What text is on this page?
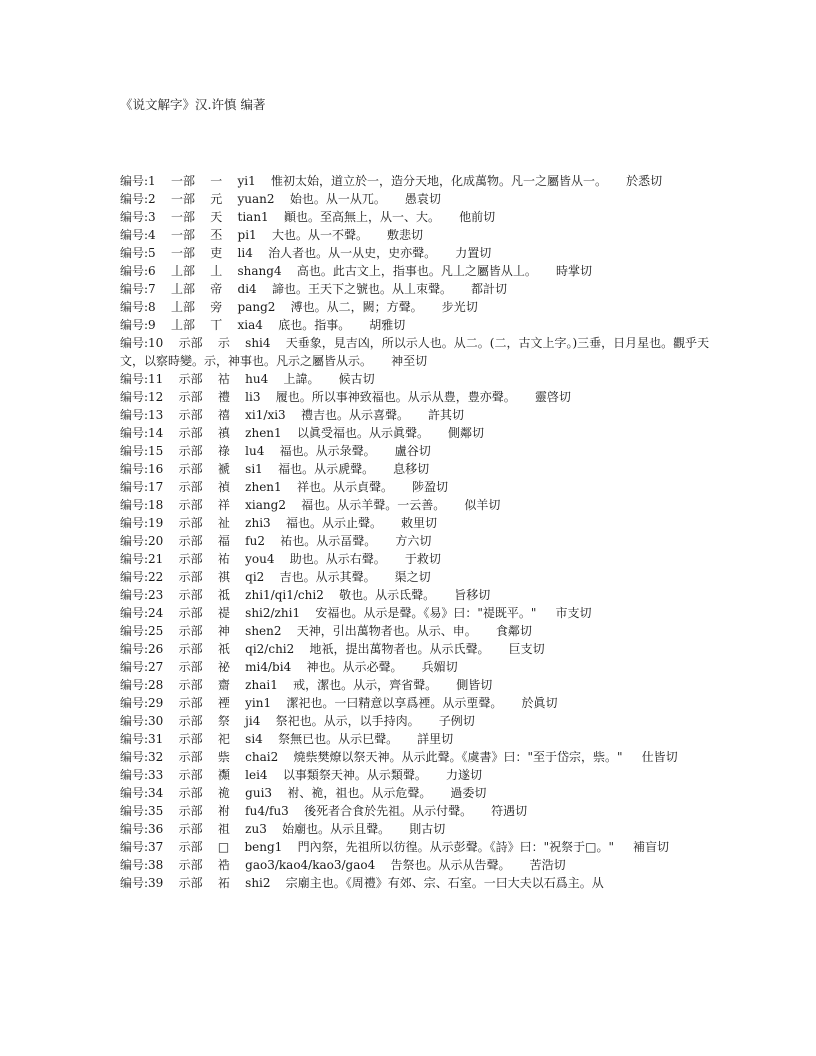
《说文解字》汉.许慎 编著
编号:1 一部 一 yi1 惟初太始，道立於一，造分天地，化成萬物。凡一之屬皆从一。 於悉切
编号:2 一部 元 yuan2 始也。从一从兀。 愚袁切
编号:3 一部 天 tian1 顚也。至高無上，从一、大。 他前切
编号:4 一部 丕 pi1 大也。从一不聲。 敷悲切
编号:5 一部 吏 li4 治人者也。从一从史，史亦聲。 力置切
编号:6 丄部 丄 shang4 高也。此古文上，指事也。凡丄之屬皆从丄。 時掌切
编号:7 丄部 帝 di4 諦也。王天下之號也。从丄朿聲。 都計切
编号:8 丄部 旁 pang2 溥也。从二，闕；方聲。 步光切
编号:9 丄部 丅 xia4 底也。指事。 胡雅切
编号:10 示部 示 shi4 天垂象，見吉凶，所以示人也。从二。(二，古文上字。)三垂，日月星也。觀乎天文，以察時變。示，神事也。凡示之屬皆从示。 神至切
编号:11 示部 祜 hu4 上諱。 候古切
编号:12 示部 禮 li3 履也。所以事神致福也。从示从豊，豊亦聲。 靈啓切
编号:13 示部 禧 xi1/xi3 禮吉也。从示喜聲。 許其切
编号:14 示部 禛 zhen1 以眞受福也。从示眞聲。 側鄰切
编号:15 示部 祿 lu4 福也。从示彔聲。 盧谷切
编号:16 示部 褫 si1 福也。从示虒聲。 息移切
编号:17 示部 禎 zhen1 祥也。从示貞聲。 陟盈切
编号:18 示部 祥 xiang2 福也。从示羊聲。一云善。 似羊切
编号:19 示部 祉 zhi3 福也。从示止聲。 敕里切
编号:20 示部 福 fu2 祐也。从示畐聲。 方六切
编号:21 示部 祐 you4 助也。从示右聲。 于救切
编号:22 示部 祺 qi2 吉也。从示其聲。 渠之切
编号:23 示部 祗 zhi1/qi1/chi2 敬也。从示氐聲。 旨移切
编号:24 示部 禔 shi2/zhi1 安福也。从示是聲。《易》曰："禔既平。" 市支切
编号:25 示部 神 shen2 天神，引出萬物者也。从示、申。 食鄰切
编号:26 示部 祇 qi2/chi2 地祇，提出萬物者也。从示氏聲。 巨支切
编号:27 示部 祕 mi4/bi4 神也。从示必聲。 兵媚切
编号:28 示部 齋 zhai1 戒，潔也。从示，齊省聲。 側皆切
编号:29 示部 禋 yin1 潔祀也。一曰精意以享爲禋。从示垔聲。 於眞切
编号:30 示部 祭 ji4 祭祀也。从示，以手持肉。 子例切
编号:31 示部 祀 si4 祭無已也。从示巳聲。 詳里切
编号:32 示部 祡 chai2 燒祡樊燎以祭天神。从示此聲。《虞書》曰："至于岱宗，祡。" 仕皆切
编号:33 示部 禷 lei4 以事類祭天神。从示類聲。 力遂切
编号:34 示部 祪 gui3 祔、祪，祖也。从示危聲。 過委切
编号:35 示部 祔 fu4/fu3 後死者合食於先祖。从示付聲。 符遇切
编号:36 示部 祖 zu3 始廟也。从示且聲。 則古切
编号:37 示部 □ beng1 門內祭，先祖所以彷徨。从示彭聲。《詩》曰："祝祭于□。" 補盲切
编号:38 示部 祰 gao3/kao4/kao3/gao4 告祭也。从示从告聲。 苦浩切
编号:39 示部 祏 shi2 宗廟主也。《周禮》有郊、宗、石室。一曰大夫以石爲主。从
